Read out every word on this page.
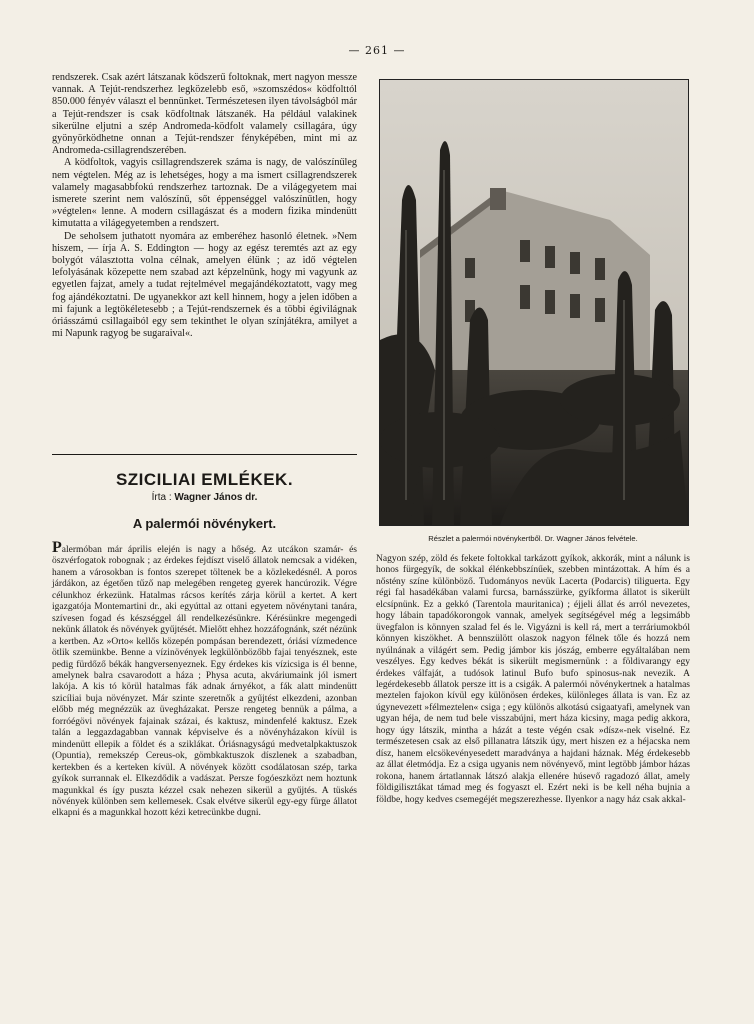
— 261 —

rendszerek. Csak azért látszanak ködszerű foltoknak, mert nagyon messze vannak. A Tejút-rendszerhez legközelebb eső, »szomszédos« ködfolttól 850.000 fényév választ el bennünket. Természetesen ilyen távolságból már a Tejút-rendszer is csak ködfoltnak látszanék. Ha például valakinek sikerülne eljutni a szép Andromeda-ködfolt valamely csillagára, úgy gyönyörködhetne onnan a Tejút-rendszer fényképében, mint mi az Andromeda-csillagrendszerében.

A ködfoltok, vagyis csillagrendszerek száma is nagy, de valószínűleg nem végtelen. Még az is lehetséges, hogy a ma ismert csillagrendszerek valamely magasabbfokú rendszerhez tartoznak. De a világegyetem mai ismerete szerint nem valószínű, sőt éppenséggel valószínűtlen, hogy »végtelen« lenne. A modern csillagászat és a modern fizika mindenütt kimutatta a világegyetemben a rendszert.

De seholsem juthatott nyomára az emberéhez hasonló életnek. »Nem hiszem, — írja A. S. Eddington — hogy az egész teremtés azt az egy bolygót választotta volna célnak, amelyen élünk ; az idő végtelen lefolyásának közepette nem szabad azt képzelnünk, hogy mi vagyunk az egyetlen fajzat, amely a tudat rejtelmével megajándékoztatott, vagy meg fog ajándékoztatni. De ugyanekkor azt kell hinnem, hogy a jelen időben a mi fajunk a legtökéletesebb ; a Tejút-rendszernek és a többi égivilágnak óriásszámú csillagaiból egy sem tekinthet le olyan színjátékra, amilyet a mi Napunk ragyog be sugaraival«.

SZICILIAI EMLÉKEK.
Írta : Wagner János dr.
A palermói növénykert.

Palermóban már április elején is nagy a hőség. Az utcákon szamár- és öszvérfogatok robognak ; az érdekes fejdíszt viselő állatok nemcsak a vidéken, hanem a városokban is fontos szerepet töltenek be a közlekedésnél. A poros járdákon, az égetően tűző nap melegében rengeteg gyerek hancúrozik. Végre célunkhoz érkezünk. Hatalmas rácsos kerítés zárja körül a kertet. A kert igazgatója Montemartini dr., aki egyúttal az ottani egyetem növénytani tanára, szívesen fogad és készséggel áll rendelkezésünkre. Kérésünkre megengedi nekünk állatok és növények gyűjtését. Mielőtt ehhez hozzáfognánk, szét nézünk a kertben. Az »Orto« kellős közepén pompásan berendezett, óriási vízmedence ötlik szemünkbe. Benne a vízinövények legkülönbözőbb fajai tenyésznek, este pedig fürdőző békák hangversenyeznek. Egy érdekes kis vízicsiga is él benne, amelynek balra csavarodott a háza ; Physa acuta, akváriumaink jól ismert lakója. A kis tó körül hatalmas fák adnak árnyékot, a fák alatt mindenütt szicíliai buja növényzet. Már szinte szeretnők a gyűjtést elkezdeni, azonban előbb még megnézzük az üvegházakat. Persze rengeteg bennük a pálma, a forróégövi növények fajainak százai, és kaktusz, mindenfelé kaktusz. Ezek talán a leggazdagabban vannak képviselve és a növényházakon kívül is mindenütt ellepik a földet és a sziklákat. Óriásnagyságú medvetalpkaktuszok (Opuntia), remekszép Cereus-ok, gömbkaktuszok díszlenek a szabadban, kertekben és a kerteken kívül. A növények között csodálatosan szép, tarka gyíkok surrannak el. Elkezdődik a vadászat. Persze fogóeszközt nem hoztunk magunkkal és így puszta kézzel csak nehezen sikerül a gyűjtés. A tüskés növények különben sem kellemesek. Csak elvétve sikerül egy-egy fürge állatot elkapni és a magunkkal hozott kézi ketrecünkbe dugni.

Részlet a palermói növénykertből. Dr. Wagner János felvétele.

Nagyon szép, zöld és fekete foltokkal tarkázott gyíkok, akkorák, mint a nálunk is honos fürgegyík, de sokkal élénkebbszínűek, szebben mintázottak. A hím és a nőstény színe különböző. Tudományos nevük Lacerta (Podarcis) tiliguerta. Egy régi fal hasadékában valami furcsa, barnásszürke, gyíkforma állatot is sikerült elcsípnünk. Ez a gekkó (Tarentola mauritanica) ; éjjeli állat és arról nevezetes, hogy lábain tapadókorongok vannak, amelyek segítségével még a legsimább üvegfalon is könnyen szalad fel és le. Vigyázni is kell rá, mert a terráriumokból könnyen kiszökhet. A bennszülött olaszok nagyon félnek tőle és hozzá nem nyúlnának a világért sem. Pedig jámbor kis jószág, emberre egyáltalában nem veszélyes. Egy kedves békát is sikerült megismernünk : a földivarangy egy érdekes válfaját, a tudósok latinul Bufo bufo spinosus-nak nevezik. A legérdekesebb állatok persze itt is a csigák. A palermói növénykertnek a hatalmas meztelen fajokon kívül egy különösen érdekes, különleges állata is van. Ez az úgynevezett »félmeztelen« csiga ; egy különös alkotású csigaatyafi, amelynek van ugyan héja, de nem tud bele visszabújni, mert háza kicsiny, maga pedig akkora, hogy úgy látszik, mintha a házát a teste végén csak »dísz«-nek viselné. Ez természetesen csak az első pillanatra látszik úgy, mert hiszen ez a héjacska nem dísz, hanem elcsökevényesedett maradványa a hajdani háznak. Még érdekesebb az állat életmódja. Ez a csiga ugyanis nem növényevő, mint legtöbb jámbor házas rokona, hanem ártatlannak látszó alakja ellenére húsevő ragadozó állat, amely földigilisztákat támad meg és fogyaszt el. Ezért neki is be kell néha bujnia a földbe, hogy kedves csemegéjét megszerezhesse. Ilyenkor a nagy ház csak akkal-
